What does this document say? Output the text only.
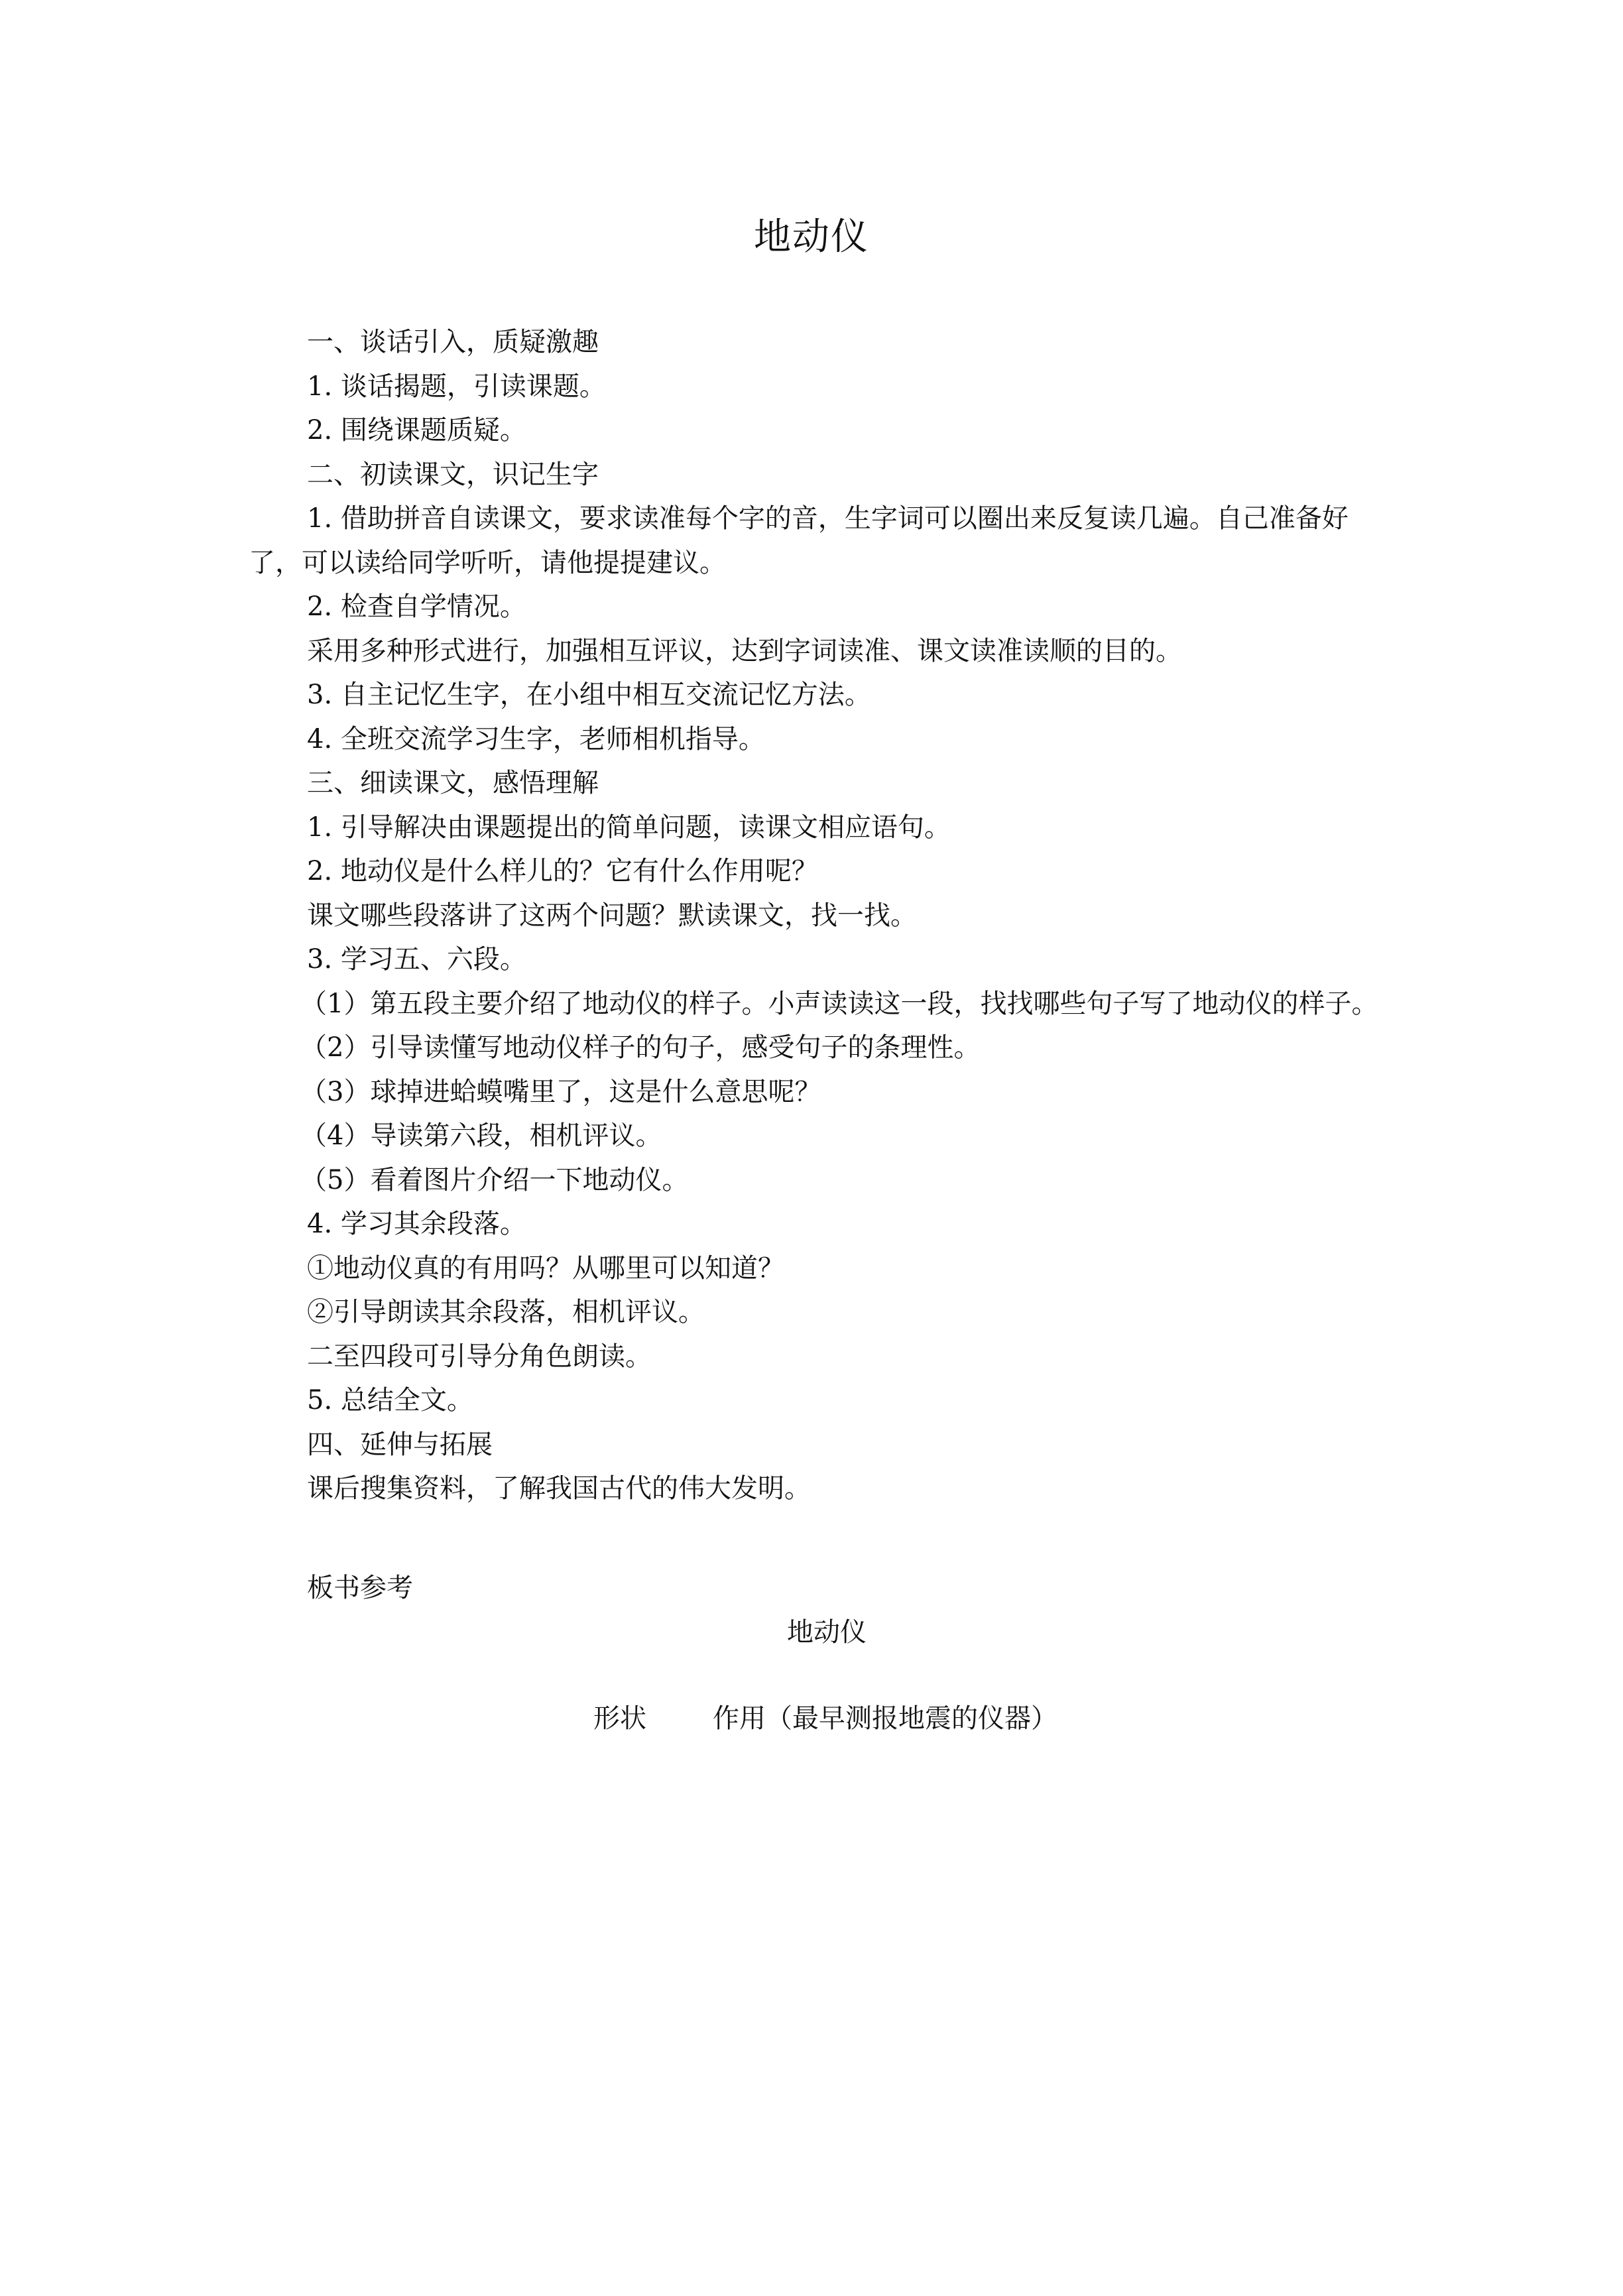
地动仪

一、谈话引入，质疑激趣

1. 谈话揭题，引读课题。

2. 围绕课题质疑。

二、初读课文，识记生字

1. 借助拼音自读课文，要求读准每个字的音，生字词可以圈出来反复读几遍。自己准备好了，可以读给同学听听，请他提提建议。

2. 检查自学情况。

采用多种形式进行，加强相互评议，达到字词读准、课文读准读顺的目的。

3. 自主记忆生字，在小组中相互交流记忆方法。

4. 全班交流学习生字，老师相机指导。

三、细读课文，感悟理解

1. 引导解决由课题提出的简单问题，读课文相应语句。

2. 地动仪是什么样儿的？它有什么作用呢？

课文哪些段落讲了这两个问题？默读课文，找一找。

3. 学习五、六段。

（1）第五段主要介绍了地动仪的样子。小声读读这一段，找找哪些句子写了地动仪的样子。

（2）引导读懂写地动仪样子的句子，感受句子的条理性。

（3）球掉进蛤蟆嘴里了，这是什么意思呢？

（4）导读第六段，相机评议。

（5）看着图片介绍一下地动仪。

4. 学习其余段落。

①地动仪真的有用吗？从哪里可以知道？

②引导朗读其余段落，相机评议。

二至四段可引导分角色朗读。

5. 总结全文。

四、延伸与拓展

课后搜集资料，了解我国古代的伟大发明。

板书参考
地动仪
形状	作用（最早测报地震的仪器）
